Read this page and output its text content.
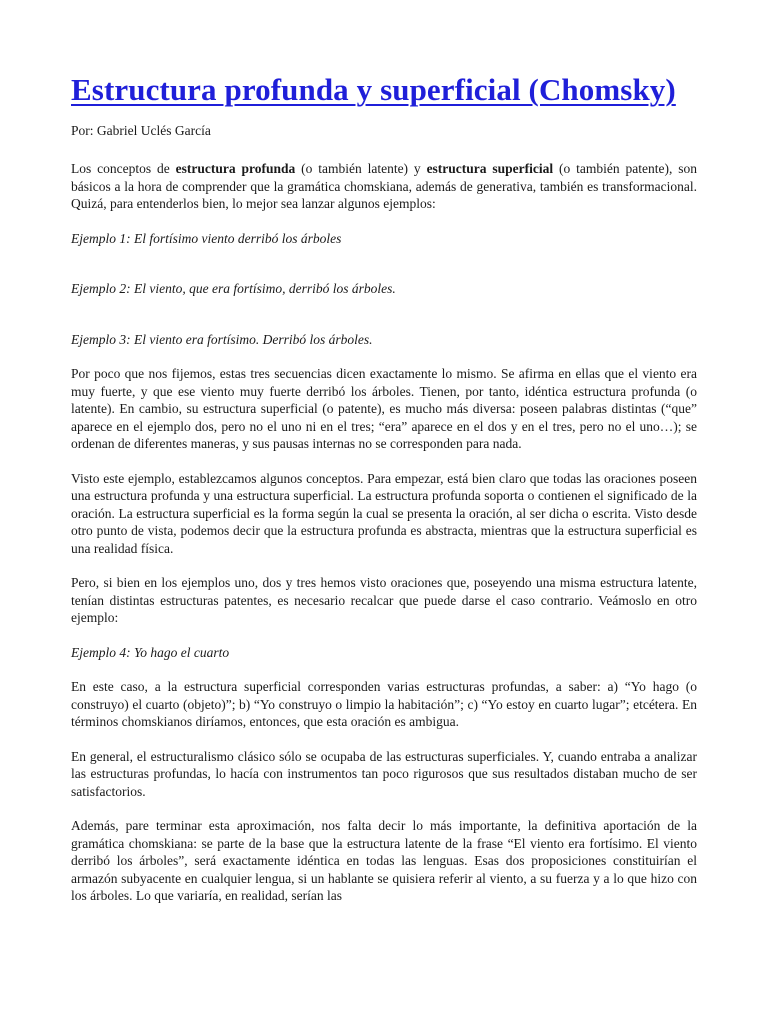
Estructura profunda y superficial (Chomsky)

Por: Gabriel Uclés García

Los conceptos de estructura profunda (o también latente) y estructura superficial (o también patente), son básicos a la hora de comprender que la gramática chomskiana, además de generativa, también es transformacional. Quizá, para entenderlos bien, lo mejor sea lanzar algunos ejemplos:

Ejemplo 1: El fortísimo viento derribó los árboles

Ejemplo 2: El viento, que era fortísimo, derribó los árboles.

Ejemplo 3: El viento era fortísimo. Derribó los árboles.

Por poco que nos fijemos, estas tres secuencias dicen exactamente lo mismo. Se afirma en ellas que el viento era muy fuerte, y que ese viento muy fuerte derribó los árboles. Tienen, por tanto, idéntica estructura profunda (o latente). En cambio, su estructura superficial (o patente), es mucho más diversa: poseen palabras distintas (“que” aparece en el ejemplo dos, pero no el uno ni en el tres; “era” aparece en el dos y en el tres, pero no el uno…); se ordenan de diferentes maneras, y sus pausas internas no se corresponden para nada.

Visto este ejemplo, establezcamos algunos conceptos. Para empezar, está bien claro que todas las oraciones poseen una estructura profunda y una estructura superficial. La estructura profunda soporta o contienen el significado de la oración. La estructura superficial es la forma según la cual se presenta la oración, al ser dicha o escrita. Visto desde otro punto de vista, podemos decir que la estructura profunda es abstracta, mientras que la estructura superficial es una realidad física.

Pero, si bien en los ejemplos uno, dos y tres hemos visto oraciones que, poseyendo una misma estructura latente, tenían distintas estructuras patentes, es necesario recalcar que puede darse el caso contrario. Veámoslo en otro ejemplo:

Ejemplo 4: Yo hago el cuarto

En este caso, a la estructura superficial corresponden varias estructuras profundas, a saber: a) “Yo hago (o construyo) el cuarto (objeto)”; b) “Yo construyo o limpio la habitación”; c) “Yo estoy en cuarto lugar”; etcétera. En términos chomskianos diríamos, entonces, que esta oración es ambigua.

En general, el estructuralismo clásico sólo se ocupaba de las estructuras superficiales. Y, cuando entraba a analizar las estructuras profundas, lo hacía con instrumentos tan poco rigurosos que sus resultados distaban mucho de ser satisfactorios.

Además, pare terminar esta aproximación, nos falta decir lo más importante, la definitiva aportación de la gramática chomskiana: se parte de la base que la estructura latente de la frase “El viento era fortísimo. El viento derribó los árboles”, será exactamente idéntica en todas las lenguas. Esas dos proposiciones constituirían el armazón subyacente en cualquier lengua, si un hablante se quisiera referir al viento, a su fuerza y a lo que hizo con los árboles. Lo que variaría, en realidad, serían las
